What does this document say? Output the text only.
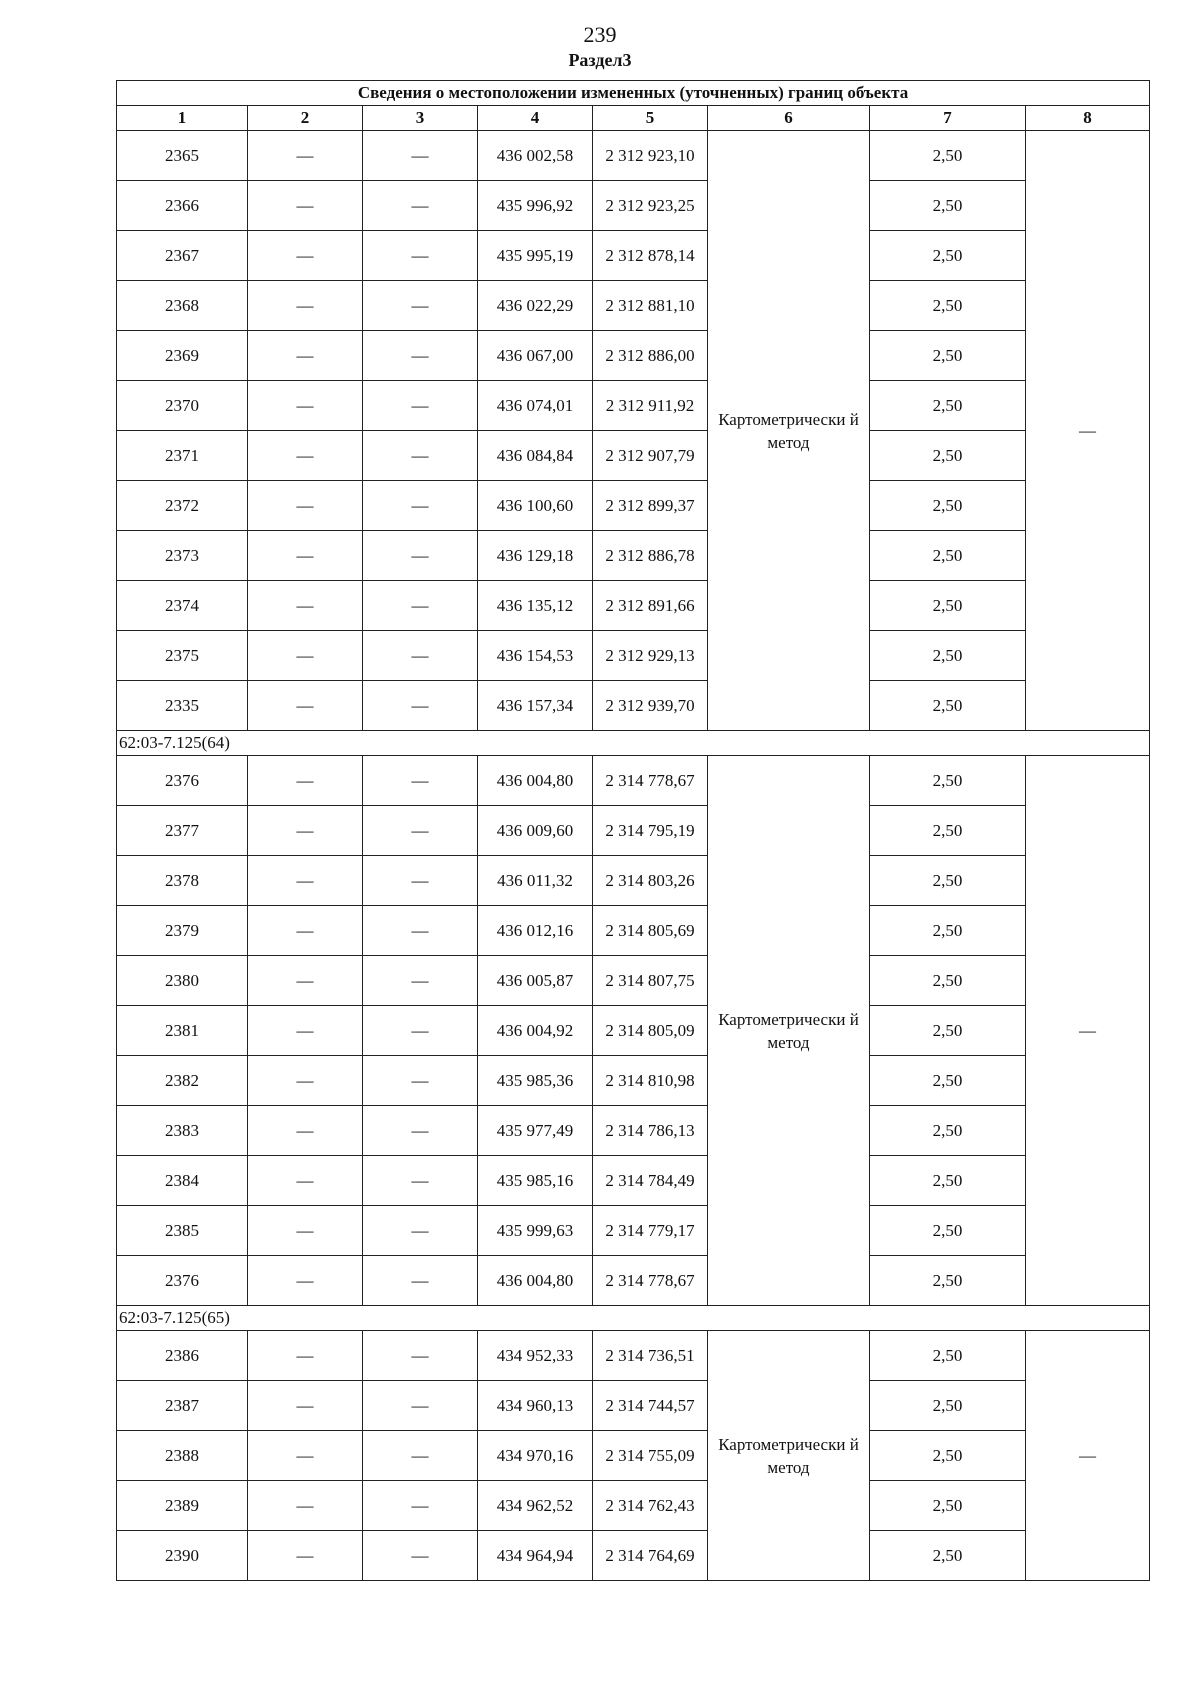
239
Раздел3
Сведения о местоположении измененных (уточненных) границ объекта							
1	2	3	4	5	6	7	8
2365	—	—	436 002,58	2 312 923,10	Картометрически й метод	2,50	—
2366	—	—	435 996,92	2 312 923,25		2,50	
2367	—	—	435 995,19	2 312 878,14		2,50	
2368	—	—	436 022,29	2 312 881,10		2,50	
2369	—	—	436 067,00	2 312 886,00		2,50	
2370	—	—	436 074,01	2 312 911,92		2,50	
2371	—	—	436 084,84	2 312 907,79		2,50	
2372	—	—	436 100,60	2 312 899,37		2,50	
2373	—	—	436 129,18	2 312 886,78		2,50	
2374	—	—	436 135,12	2 312 891,66		2,50	
2375	—	—	436 154,53	2 312 929,13		2,50	
2335	—	—	436 157,34	2 312 939,70		2,50	
62:03-7.125(64)							
2376	—	—	436 004,80	2 314 778,67	Картометрически й метод	2,50	—
2377	—	—	436 009,60	2 314 795,19		2,50	
2378	—	—	436 011,32	2 314 803,26		2,50	
2379	—	—	436 012,16	2 314 805,69		2,50	
2380	—	—	436 005,87	2 314 807,75		2,50	
2381	—	—	436 004,92	2 314 805,09		2,50	
2382	—	—	435 985,36	2 314 810,98		2,50	
2383	—	—	435 977,49	2 314 786,13		2,50	
2384	—	—	435 985,16	2 314 784,49		2,50	
2385	—	—	435 999,63	2 314 779,17		2,50	
2376	—	—	436 004,80	2 314 778,67		2,50	
62:03-7.125(65)							
2386	—	—	434 952,33	2 314 736,51	Картометрически й метод	2,50	—
2387	—	—	434 960,13	2 314 744,57		2,50	
2388	—	—	434 970,16	2 314 755,09		2,50	
2389	—	—	434 962,52	2 314 762,43		2,50	
2390	—	—	434 964,94	2 314 764,69		2,50	
